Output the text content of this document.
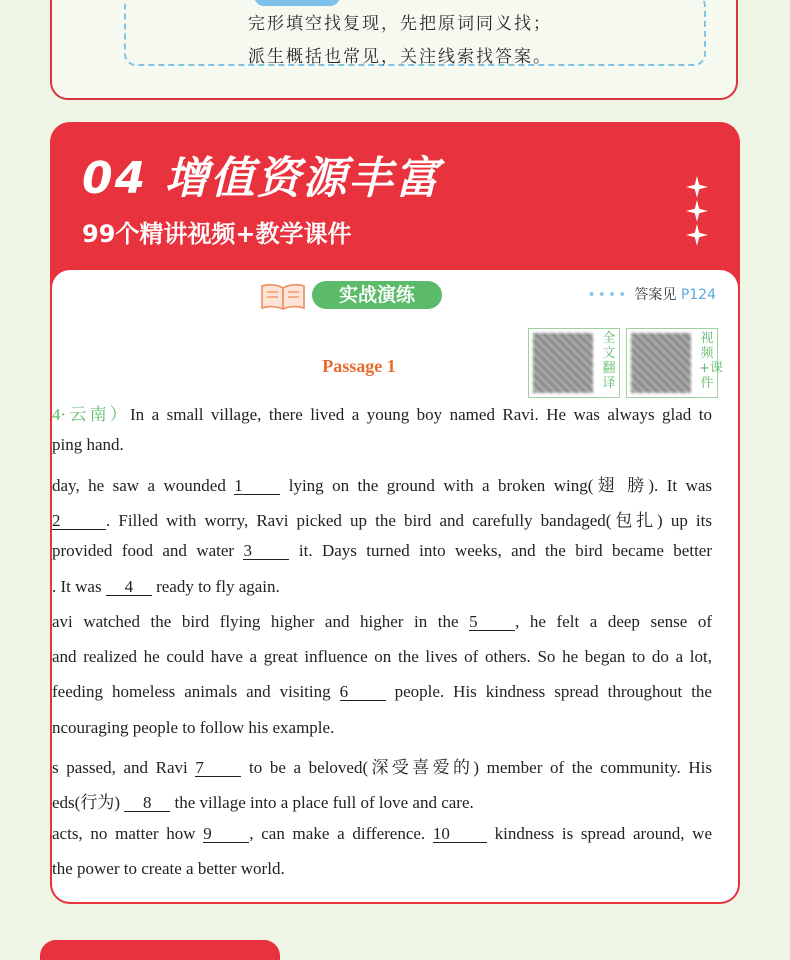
完形填空找复现，先把原词同义找；
派生概括也常见，关注线索找答案。
04 增值资源丰富
99个精讲视频+教学课件
实战演练	•••• 答案见 P124
全文翻译
视频+课件
Passage 1
4·云南）In a small village, there lived a young boy named Ravi. He was always glad to
ping hand.
day, he saw a wounded 1 lying on the ground with a broken wing(翅 膀). It was
2	. Filled with worry, Ravi picked up the bird and carefully bandaged(包扎) up its
provided food and water 3 it. Days turned into weeks, and the bird became better
. It was 4 ready to fly again.
avi watched the bird flying higher and higher in the 5 , he felt a deep sense of
and realized he could have a great influence on the lives of others. So he began to do a lot,
feeding homeless animals and visiting 6 people. His kindness spread throughout the
ncouraging people to follow his example.
s passed, and Ravi 7 to be a beloved(深受喜爱的) member of the community. His
eds(行为) 8 the village into a place full of love and care.
acts, no matter how 9 , can make a difference. 10 kindness is spread around, we
the power to create a better world.
